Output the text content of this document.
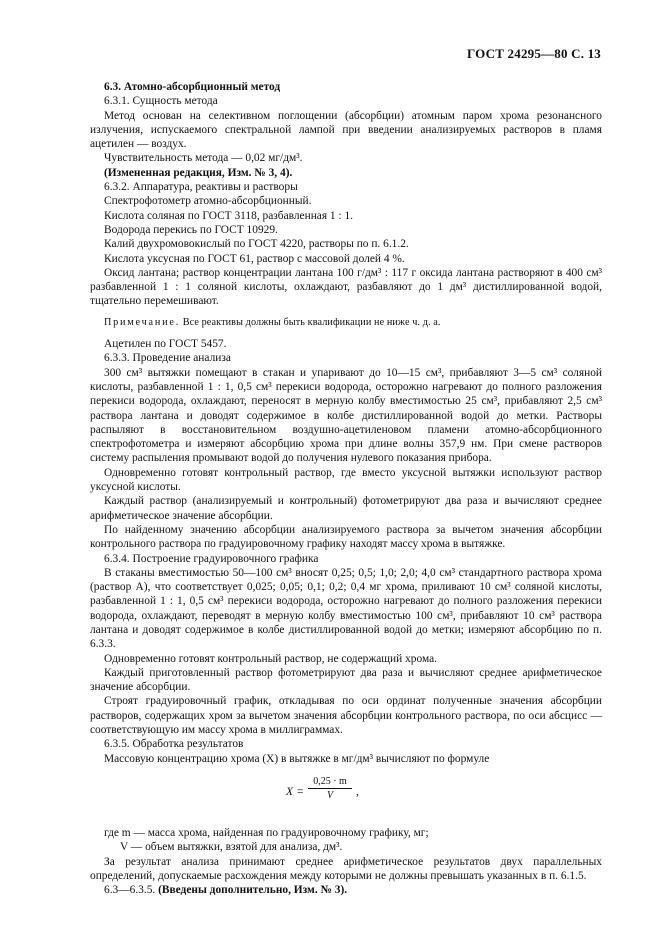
ГОСТ 24295—80 С. 13

6.3. Атомно-абсорбционный метод

6.3.1. Сущность метода

Метод основан на селективном поглощении (абсорбции) атомным паром хрома резонансного излучения, испускаемого спектральной лампой при введении анализируемых растворов в пламя ацетилен — воздух.

Чувствительность метода — 0,02 мг/дм³.

(Измененная редакция, Изм. № 3, 4).

6.3.2. Аппаратура, реактивы и растворы

Спектрофотометр атомно-абсорбционный.

Кислота соляная по ГОСТ 3118, разбавленная 1 : 1.

Водорода перекись по ГОСТ 10929.

Калий двухромовокислый по ГОСТ 4220, растворы по п. 6.1.2.

Кислота уксусная по ГОСТ 61, раствор с массовой долей 4 %.

Оксид лантана; раствор концентрации лантана 100 г/дм³ : 117 г оксида лантана растворяют в 400 см³ разбавленной 1 : 1 соляной кислоты, охлаждают, разбавляют до 1 дм³ дистиллированной водой, тщательно перемешивают.

Примечание. Все реактивы должны быть квалификации не ниже ч. д. а.

Ацетилен по ГОСТ 5457.

6.3.3. Проведение анализа

300 см³ вытяжки помещают в стакан и упаривают до 10—15 см³, прибавляют 3—5 см³ соляной кислоты, разбавленной 1 : 1, 0,5 см³ перекиси водорода, осторожно нагревают до полного разложения перекиси водорода, охлаждают, переносят в мерную колбу вместимостью 25 см³, прибавляют 2,5 см³ раствора лантана и доводят содержимое в колбе дистиллированной водой до метки. Растворы распыляют в восстановительном воздушно-ацетиленовом пламени атомно-абсорбционного спектрофотометра и измеряют абсорбцию хрома при длине волны 357,9 нм. При смене растворов систему распыления промывают водой до получения нулевого показания прибора.

Одновременно готовят контрольный раствор, где вместо уксусной вытяжки используют раствор уксусной кислоты.

Каждый раствор (анализируемый и контрольный) фотометрируют два раза и вычисляют среднее арифметическое значение абсорбции.

По найденному значению абсорбции анализируемого раствора за вычетом значения абсорбции контрольного раствора по градуировочному графику находят массу хрома в вытяжке.

6.3.4. Построение градуировочного графика

В стаканы вместимостью 50—100 см³ вносят 0,25; 0,5; 1,0; 2,0; 4,0 см³ стандартного раствора хрома (раствор А), что соответствует 0,025; 0,05; 0,1; 0,2; 0,4 мг хрома, приливают 10 см³ соляной кислоты, разбавленной 1 : 1, 0,5 см³ перекиси водорода, осторожно нагревают до полного разложения перекиси водорода, охлаждают, переводят в мерную колбу вместимостью 100 см³, прибавляют 10 см³ раствора лантана и доводят содержимое в колбе дистиллированной водой до метки; измеряют абсорбцию по п. 6.3.3.

Одновременно готовят контрольный раствор, не содержащий хрома.

Каждый приготовленный раствор фотометрируют два раза и вычисляют среднее арифметическое значение абсорбции.

Строят градуировочный график, откладывая по оси ординат полученные значения абсорбции растворов, содержащих хром за вычетом значения абсорбции контрольного раствора, по оси абсцисс — соответствующую им массу хрома в миллиграммах.

6.3.5. Обработка результатов

Массовую концентрацию хрома (X) в вытяжке в мг/дм³ вычисляют по формуле

$X = \frac{0,25 \cdot m}{V}$ ,

где m — масса хрома, найденная по градуировочному графику, мг;

V — объем вытяжки, взятой для анализа, дм³.

За результат анализа принимают среднее арифметическое результатов двух параллельных определений, допускаемые расхождения между которыми не должны превышать указанных в п. 6.1.5.

6.3—6.3.5. (Введены дополнительно, Изм. № 3).
